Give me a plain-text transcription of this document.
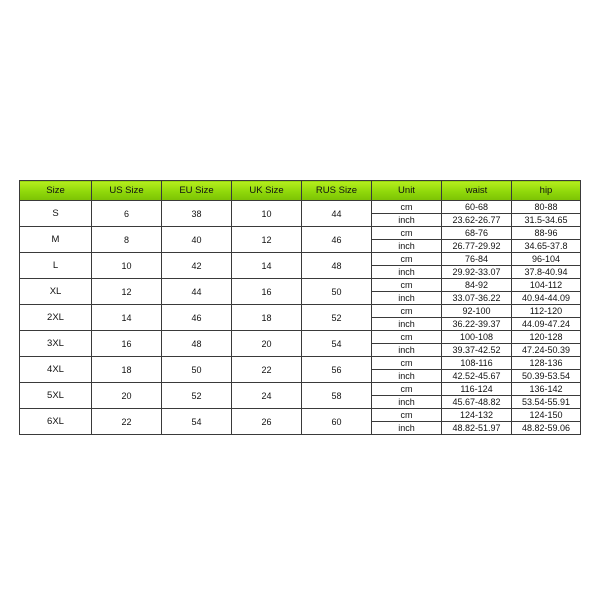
Size	US Size	EU Size	UK Size	RUS Size	Unit	waist	hip
S	6	38	10	44	cm	60-68	80-88
					inch	23.62-26.77	31.5-34.65
M	8	40	12	46	cm	68-76	88-96
					inch	26.77-29.92	34.65-37.8
L	10	42	14	48	cm	76-84	96-104
					inch	29.92-33.07	37.8-40.94
XL	12	44	16	50	cm	84-92	104-112
					inch	33.07-36.22	40.94-44.09
2XL	14	46	18	52	cm	92-100	112-120
					inch	36.22-39.37	44.09-47.24
3XL	16	48	20	54	cm	100-108	120-128
					inch	39.37-42.52	47.24-50.39
4XL	18	50	22	56	cm	108-116	128-136
					inch	42.52-45.67	50.39-53.54
5XL	20	52	24	58	cm	116-124	136-142
					inch	45.67-48.82	53.54-55.91
6XL	22	54	26	60	cm	124-132	124-150
					inch	48.82-51.97	48.82-59.06
